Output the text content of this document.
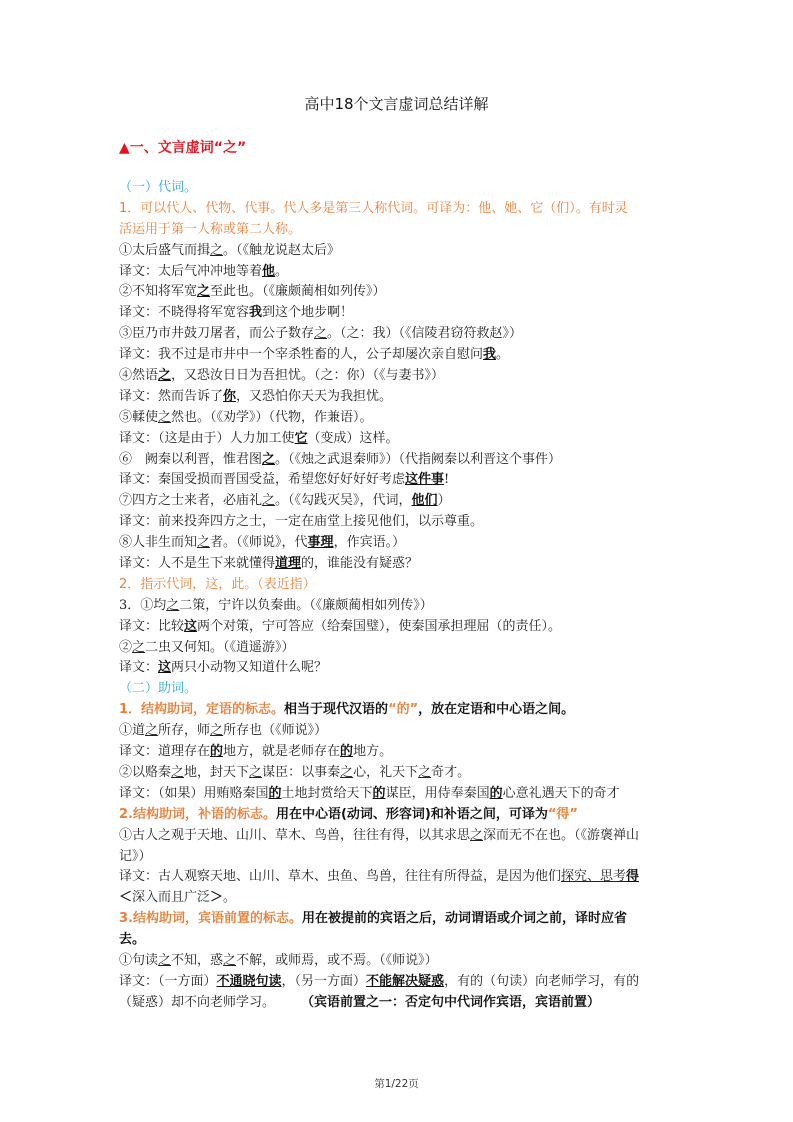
高中18个文言虚词总结详解
▲一、文言虚词“之”
（一）代词。
1．可以代人、代物、代事。代人多是第三人称代词。可译为：他、她、它（们）。有时灵
活运用于第一人称或第二人称。
①太后盛气而揖之。（《触龙说赵太后》
译文：太后气冲冲地等着他。
②不知将军宽之至此也。（《廉颇蔺相如列传》）
译文：不晓得将军宽容我到这个地步啊！
③臣乃市井鼓刀屠者，而公子数存之。（之：我）（《信陵君窃符救赵》）
译文：我不过是市井中一个宰杀牲畜的人，公子却屡次亲自慰问我。
④然语之，又恐汝日日为吾担忧。（之：你）（《与妻书》）
译文：然而告诉了你，又恐怕你天天为我担忧。
⑤輮使之然也。（《劝学》）（代物，作兼语）。
译文：（这是由于）人力加工使它（变成）这样。
⑥　阙秦以利晋，惟君图之。（《烛之武退秦师》）（代指阙秦以利晋这个事件）
译文：秦国受损而晋国受益，希望您好好好好考虑这件事!
⑦四方之士来者，必庙礼之。（《勾践灭吴》，代词，他们）
译文：前来投奔四方之士，一定在庙堂上接见他们，以示尊重。
⑧人非生而知之者。（《师说》，代事理，作宾语。）
译文：人不是生下来就懂得道理的，谁能没有疑惑？
2．指示代词，这，此。（表近指）
3．①均之二策，宁许以负秦曲。（《廉颇蔺相如列传》）
译文：比较这两个对策，宁可答应（给秦国璧），使秦国承担理屈（的责任）。
②之二虫又何知。（《逍遥游》）
译文：这两只小动物又知道什么呢？
（二）助词。
1．结构助词，定语的标志。相当于现代汉语的“的”，放在定语和中心语之间。
①道之所存，师之所存也（《师说》）
译文：道理存在的地方，就是老师存在的地方。
②以赂秦之地，封天下之谋臣：以事秦之心，礼天下之奇才。
译文：（如果）用贿赂秦国的土地封赏给天下的谋臣，用侍奉秦国的心意礼遇天下的奇才
2.结构助词，补语的标志。用在中心语(动词、形容词)和补语之间，可译为“得”
①古人之观于天地、山川、草木、鸟兽，往往有得，以其求思之深而无不在也。（《游褒禅山
记》）
译文：古人观察天地、山川、草木、虫鱼、鸟兽，往往有所得益，是因为他们探究、思考得
＜深入而且广泛＞。
3.结构助词，宾语前置的标志。用在被提前的宾语之后，动词谓语或介词之前，译时应省
去。
①句读之不知，惑之不解，或师焉，或不焉。（《师说》）
译文：（一方面）不通晓句读，（另一方面）不能解决疑惑，有的（句读）向老师学习，有的
（疑惑）却不向老师学习。　　　（宾语前置之一：否定句中代词作宾语，宾语前置）
第1/22页
